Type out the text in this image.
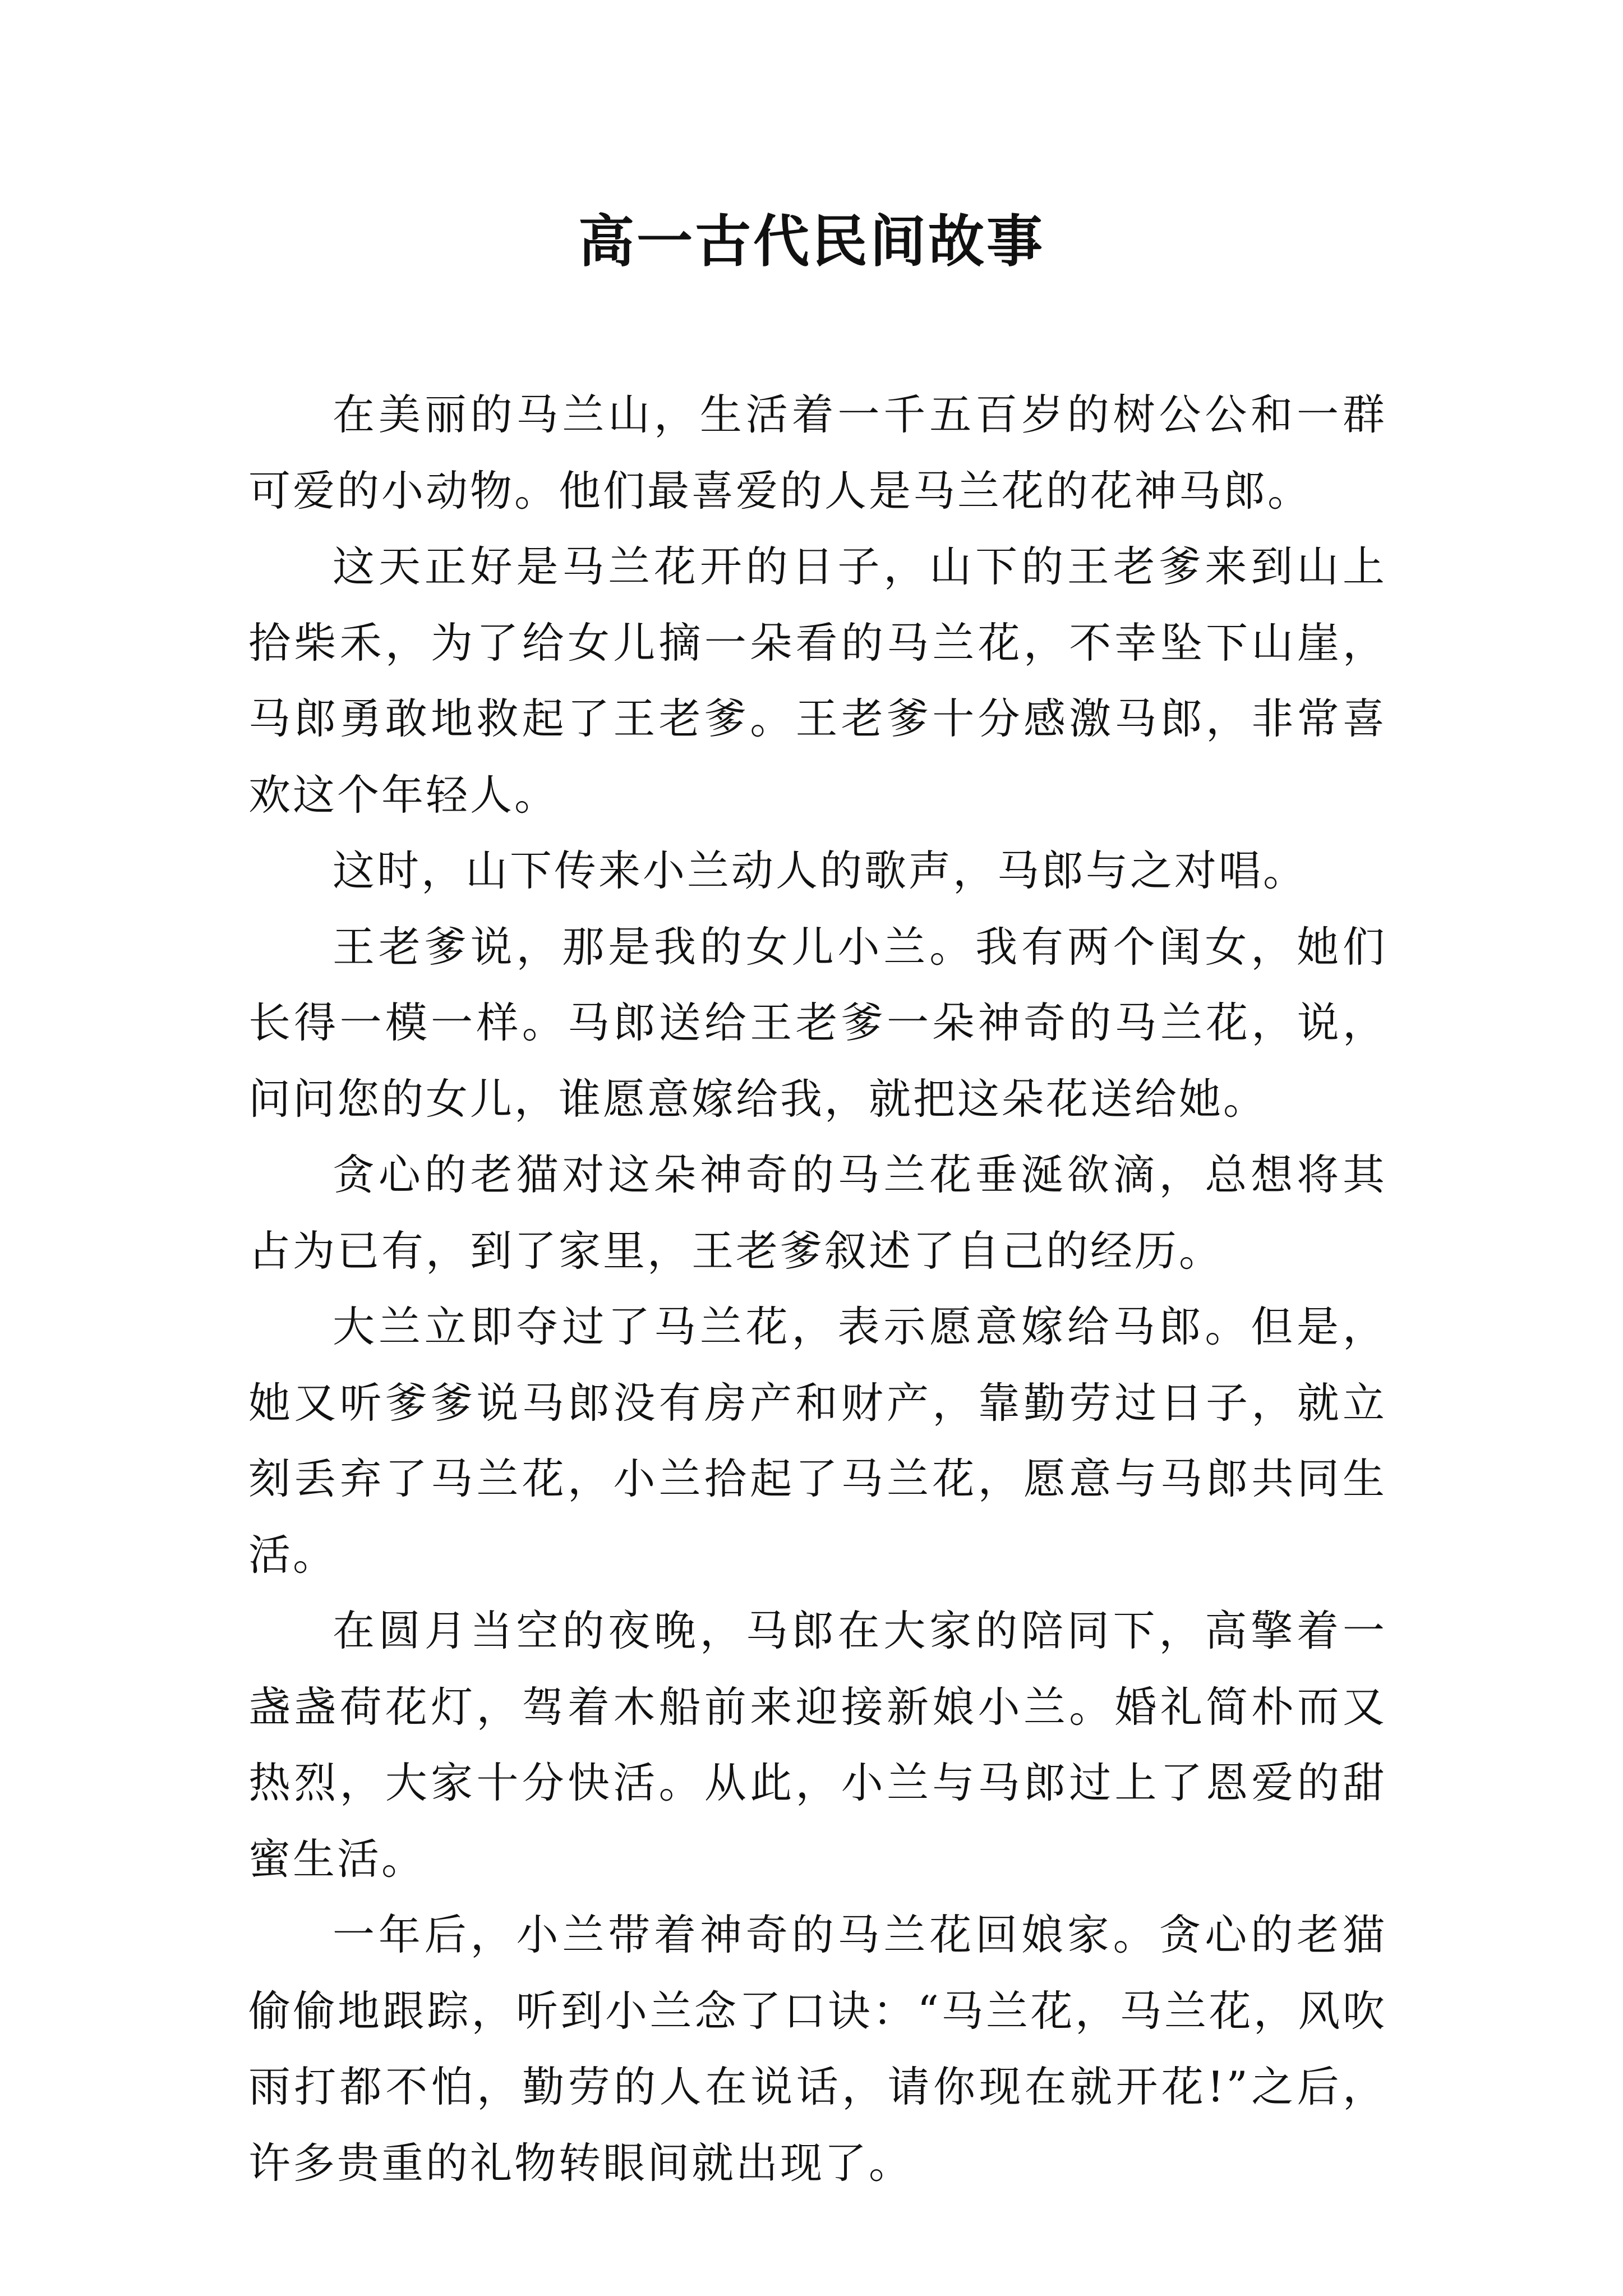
高一古代民间故事

在美丽的马兰山，生活着一千五百岁的树公公和一群可爱的小动物。他们最喜爱的人是马兰花的花神马郎。

这天正好是马兰花开的日子，山下的王老爹来到山上拾柴禾，为了给女儿摘一朵看的马兰花，不幸坠下山崖，马郎勇敢地救起了王老爹。王老爹十分感激马郎，非常喜欢这个年轻人。

这时，山下传来小兰动人的歌声，马郎与之对唱。

王老爹说，那是我的女儿小兰。我有两个闺女，她们长得一模一样。马郎送给王老爹一朵神奇的马兰花，说，问问您的女儿，谁愿意嫁给我，就把这朵花送给她。

贪心的老猫对这朵神奇的马兰花垂涎欲滴，总想将其占为已有，到了家里，王老爹叙述了自己的经历。

大兰立即夺过了马兰花，表示愿意嫁给马郎。但是，她又听爹爹说马郎没有房产和财产，靠勤劳过日子，就立刻丢弃了马兰花，小兰拾起了马兰花，愿意与马郎共同生活。

在圆月当空的夜晚，马郎在大家的陪同下，高擎着一盏盏荷花灯，驾着木船前来迎接新娘小兰。婚礼简朴而又热烈，大家十分快活。从此，小兰与马郎过上了恩爱的甜蜜生活。

一年后，小兰带着神奇的马兰花回娘家。贪心的老猫偷偷地跟踪，听到小兰念了口诀：“马兰花，马兰花，风吹雨打都不怕，勤劳的人在说话，请你现在就开花!”之后，许多贵重的礼物转眼间就出现了。
